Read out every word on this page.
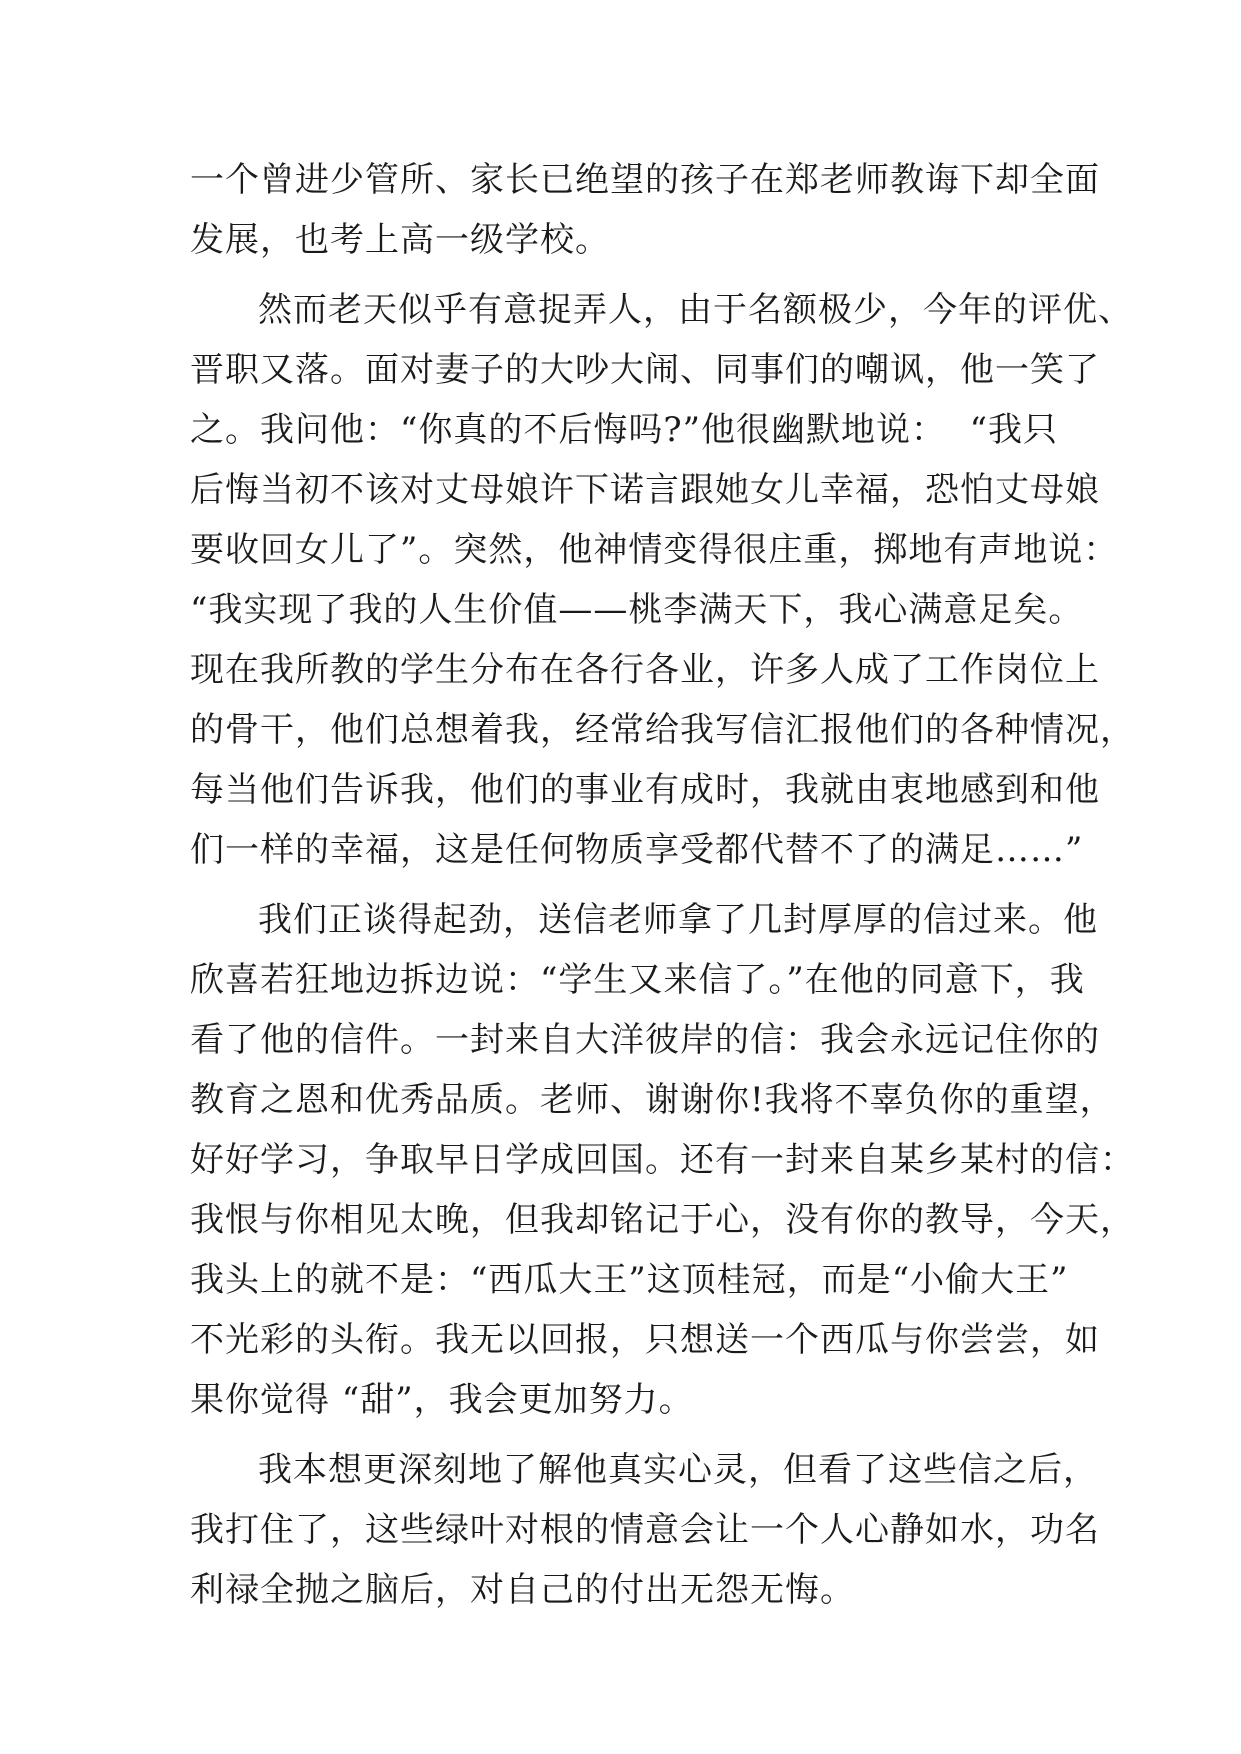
一个曾进少管所、家长已绝望的孩子在郑老师教诲下却全面
发展，也考上高一级学校。
然而老天似乎有意捉弄人，由于名额极少，今年的评优、
晋职又落。面对妻子的大吵大闹、同事们的嘲讽，他一笑了
之。我问他：“你真的不后悔吗?”他很幽默地说：  “我只
后悔当初不该对丈母娘许下诺言跟她女儿幸福，恐怕丈母娘
要收回女儿了”。突然，他神情变得很庄重，掷地有声地说：
“我实现了我的人生价值——桃李满天下，我心满意足矣。
现在我所教的学生分布在各行各业，许多人成了工作岗位上
的骨干，他们总想着我，经常给我写信汇报他们的各种情况，
每当他们告诉我，他们的事业有成时，我就由衷地感到和他
们一样的幸福，这是任何物质享受都代替不了的满足……”
我们正谈得起劲，送信老师拿了几封厚厚的信过来。他
欣喜若狂地边拆边说：“学生又来信了。”在他的同意下，我
看了他的信件。一封来自大洋彼岸的信：我会永远记住你的
教育之恩和优秀品质。老师、谢谢你!我将不辜负你的重望，
好好学习，争取早日学成回国。还有一封来自某乡某村的信：
我恨与你相见太晚，但我却铭记于心，没有你的教导，今天，
我头上的就不是：“西瓜大王”这顶桂冠，而是“小偷大王”
不光彩的头衔。我无以回报，只想送一个西瓜与你尝尝，如
果你觉得 “甜”，我会更加努力。
我本想更深刻地了解他真实心灵，但看了这些信之后，
我打住了，这些绿叶对根的情意会让一个人心静如水，功名
利禄全抛之脑后，对自己的付出无怨无悔。
